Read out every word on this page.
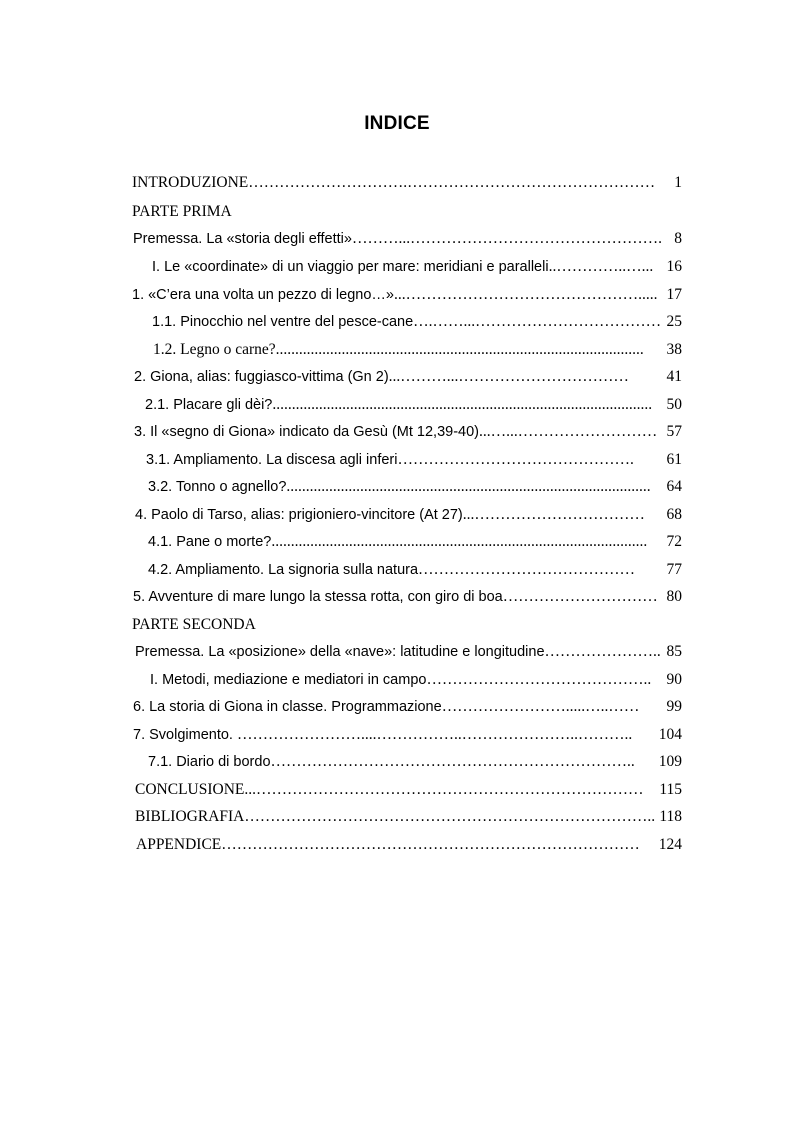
INDICE
INTRODUZIONE………………………….………………………………………… 1
PARTE PRIMA
Premessa. La «storia degli effetti»………...…………………………………………. 8
I. Le «coordinate» di un viaggio per mare: meridiani e paralleli..…………..…... 16
1. «C’era una volta un pezzo di legno…»...………………………………………..... 17
1.1. Pinocchio nel ventre del pesce-cane….……...……………………………… 25
1.2. Legno o carne?............................................................................................... 38
2. Giona, alias: fuggiasco-vittima (Gn 2)...………...…………………………… 41
2.1. Placare gli dèi?.................................................................................................. 50
3. Il «segno di Giona» indicato da Gesù (Mt 12,39-40)...…...……………………… 57
3.1. Ampliamento. La discesa agli inferi………………………………………. 61
3.2. Tonno o agnello?.............................................................................................. 64
4. Paolo di Tarso, alias: prigioniero-vincitore (At 27)...…………………………… 68
4.1. Pane o morte?................................................................................................. 72
4.2. Ampliamento. La signoria sulla natura…………………………………… 77
5. Avventure di mare lungo la stessa rotta, con giro di boa………………………… 80
PARTE SECONDA
Premessa. La «posizione» della «nave»: latitudine e longitudine………………….. 85
I. Metodi, mediazione e mediatori in campo…………………………………….. 90
6. La storia di Giona in classe. Programmazione…………………….....…..…… 99
7. Svolgimento. ……………………....……………..…………………..……….. 104
7.1. Diario di bordo…………………………………………………………….. 109
CONCLUSIONE...………………………………………………………………… 115
BIBLIOGRAFIA…………………………………………………………………….. 118
APPENDICE……………………………………………………………………… 124
